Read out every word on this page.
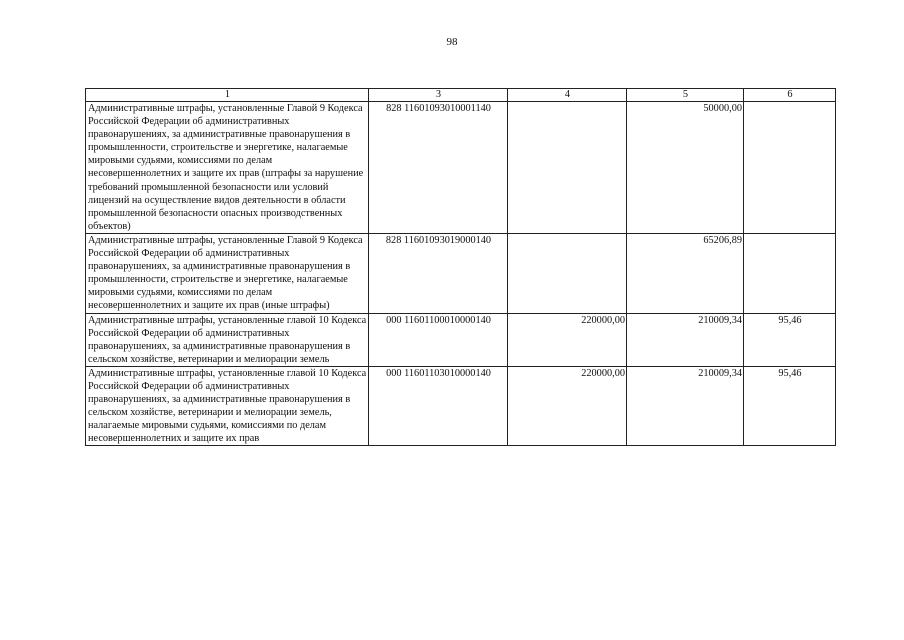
98
1	3	4	5	6
Административные штрафы, установленные Главой 9 Кодекса Российской Федерации об административных правонарушениях, за административные правонарушения в промышленности, строительстве и энергетике, налагаемые мировыми судьями, комиссиями по делам несовершеннолетних и защите их прав (штрафы за нарушение требований промышленной безопасности или условий лицензий на осуществление видов деятельности в области промышленной безопасности опасных производственных объектов)	828 11601093010001140		50000,00	
Административные штрафы, установленные Главой 9 Кодекса Российской Федерации об административных правонарушениях, за административные правонарушения в промышленности, строительстве и энергетике, налагаемые мировыми судьями, комиссиями по делам несовершеннолетних и защите их прав (иные штрафы)	828 11601093019000140		65206,89	
Административные штрафы, установленные главой 10 Кодекса Российской Федерации об административных правонарушениях, за административные правонарушения в сельском хозяйстве, ветеринарии и мелиорации земель	000 11601100010000140	220000,00	210009,34	95,46
Административные штрафы, установленные главой 10 Кодекса Российской Федерации об административных правонарушениях, за административные правонарушения в сельском хозяйстве, ветеринарии и мелиорации земель, налагаемые мировыми судьями, комиссиями по делам несовершеннолетних и защите их прав	000 11601103010000140	220000,00	210009,34	95,46
